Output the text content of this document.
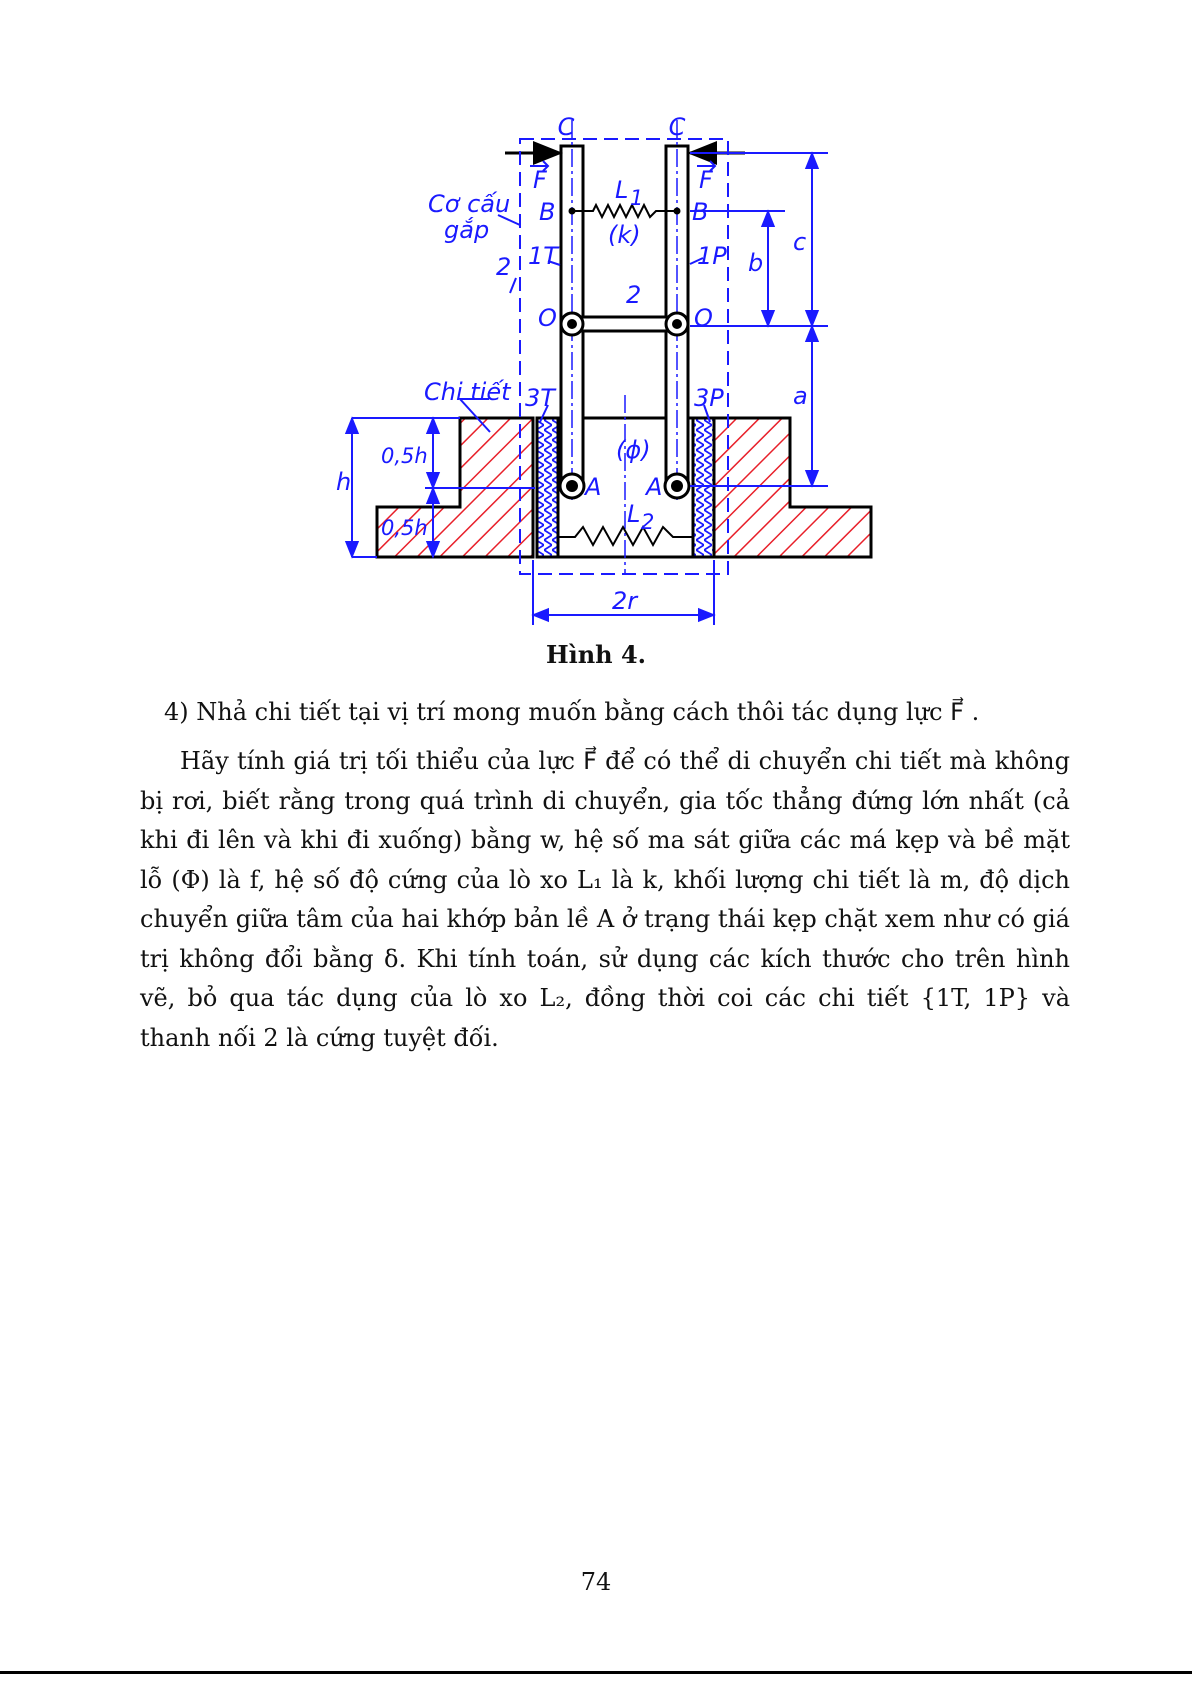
C	C
F	F
Cơ cấu
gắp
B	B
L 1
(k)
2
2
1T	1P
O	O
c
b
a
Chi tiết 3T	3P
(ϕ)
0,5h
0,5h
h	A A
L 2
2r
Hình 4.
4) Nhả chi tiết tại vị trí mong muốn bằng cách thôi tác dụng lực F⃗ .
Hãy tính giá trị tối thiểu của lực F⃗ để có thể di chuyển chi tiết mà không bị rơi, biết rằng trong quá trình di chuyển, gia tốc thẳng đứng lớn nhất (cả khi đi lên và khi đi xuống) bằng w, hệ số ma sát giữa các má kẹp và bề mặt lỗ (Φ) là f, hệ số độ cứng của lò xo L₁ là k, khối lượng chi tiết là m, độ dịch chuyển giữa tâm của hai khớp bản lề A ở trạng thái kẹp chặt xem như có giá trị không đổi bằng δ. Khi tính toán, sử dụng các kích thước cho trên hình vẽ, bỏ qua tác dụng của lò xo L₂, đồng thời coi các chi tiết {1T, 1P} và thanh nối 2 là cứng tuyệt đối.
74
